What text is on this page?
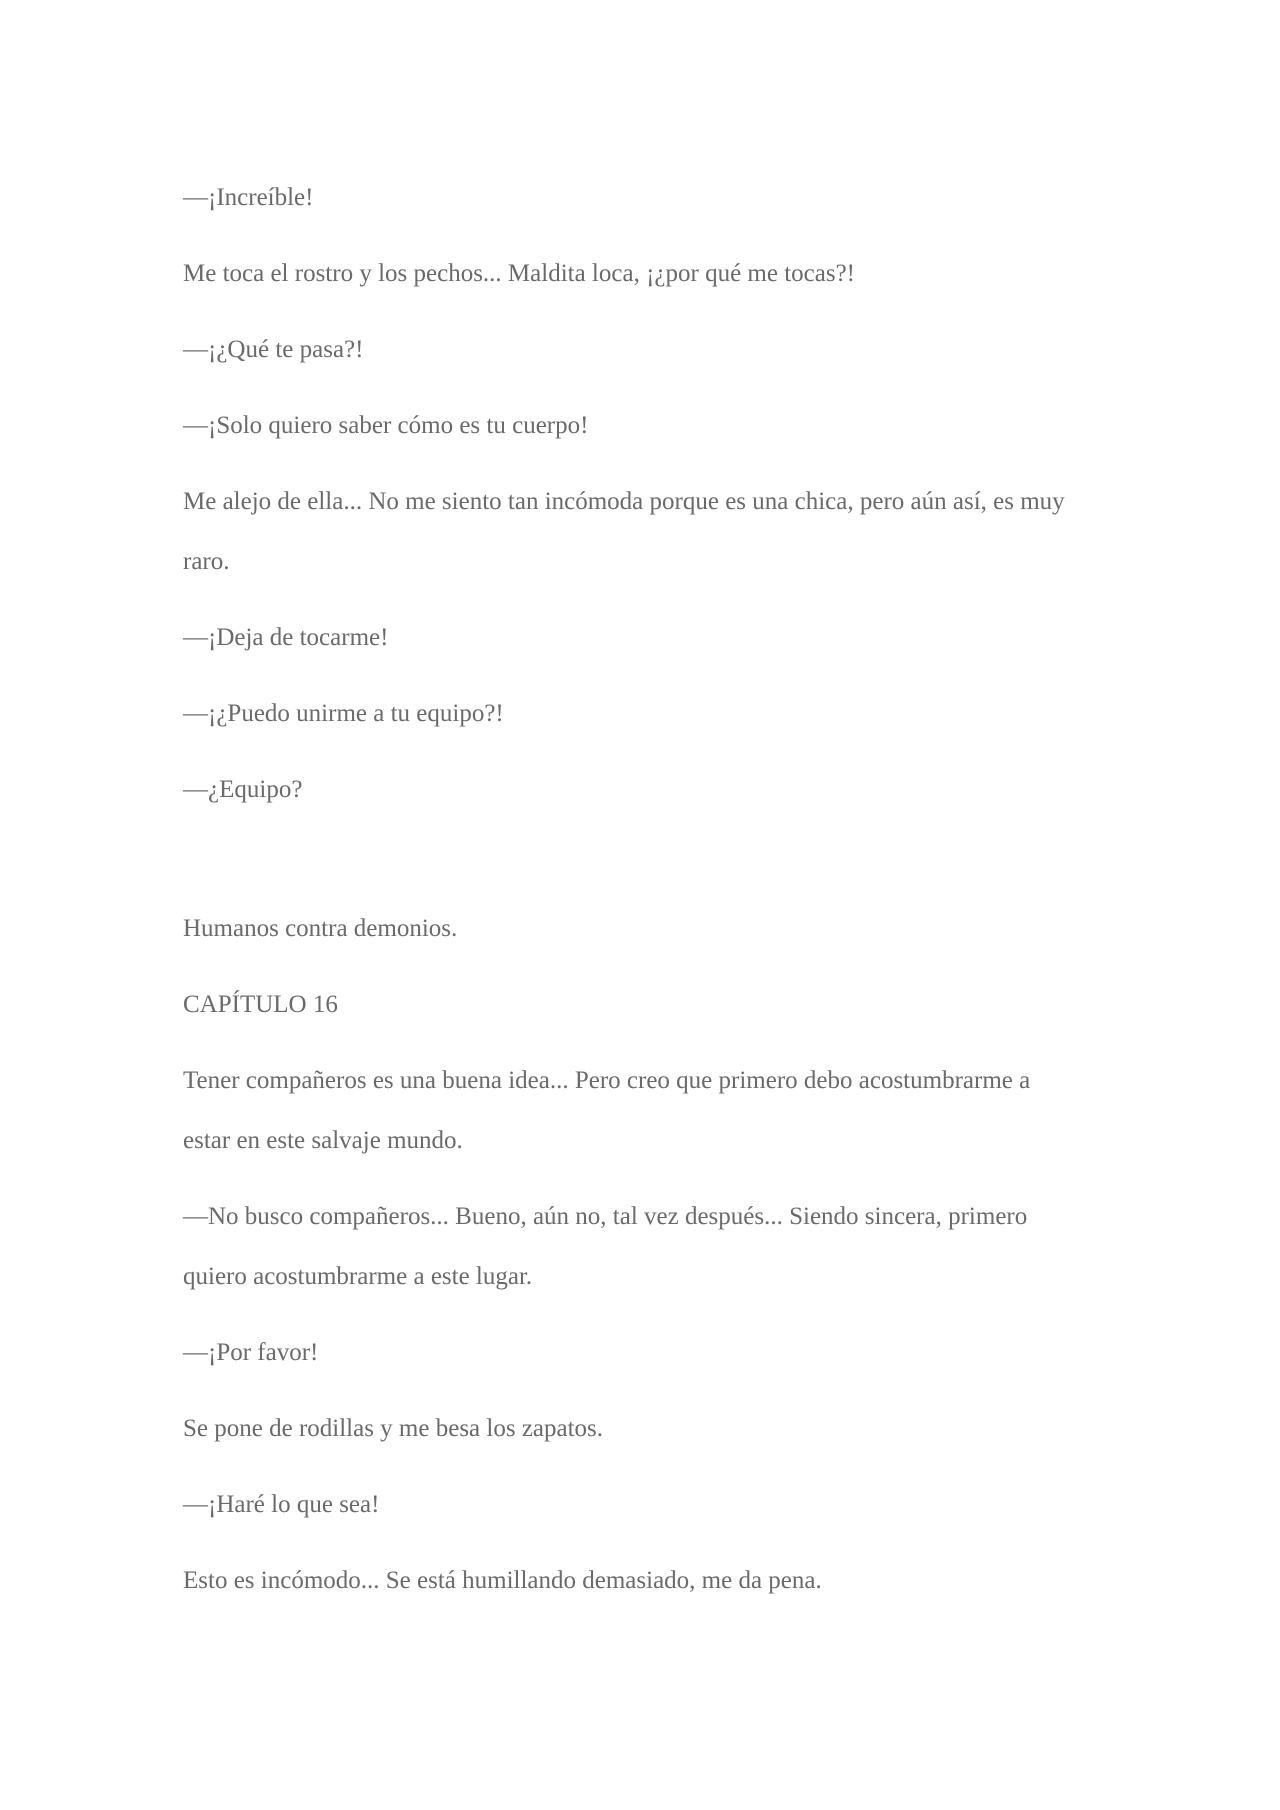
—¡Increíble!

Me toca el rostro y los pechos... Maldita loca, ¡¿por qué me tocas?!

—¡¿Qué te pasa?!

—¡Solo quiero saber cómo es tu cuerpo!

Me alejo de ella... No me siento tan incómoda porque es una chica, pero aún así, es muy

raro.

—¡Deja de tocarme!

—¡¿Puedo unirme a tu equipo?!

—¿Equipo?

Humanos contra demonios.

CAPÍTULO 16

Tener compañeros es una buena idea... Pero creo que primero debo acostumbrarme a

estar en este salvaje mundo.

—No busco compañeros... Bueno, aún no, tal vez después... Siendo sincera, primero

quiero acostumbrarme a este lugar.

—¡Por favor!

Se pone de rodillas y me besa los zapatos.

—¡Haré lo que sea!

Esto es incómodo... Se está humillando demasiado, me da pena.
